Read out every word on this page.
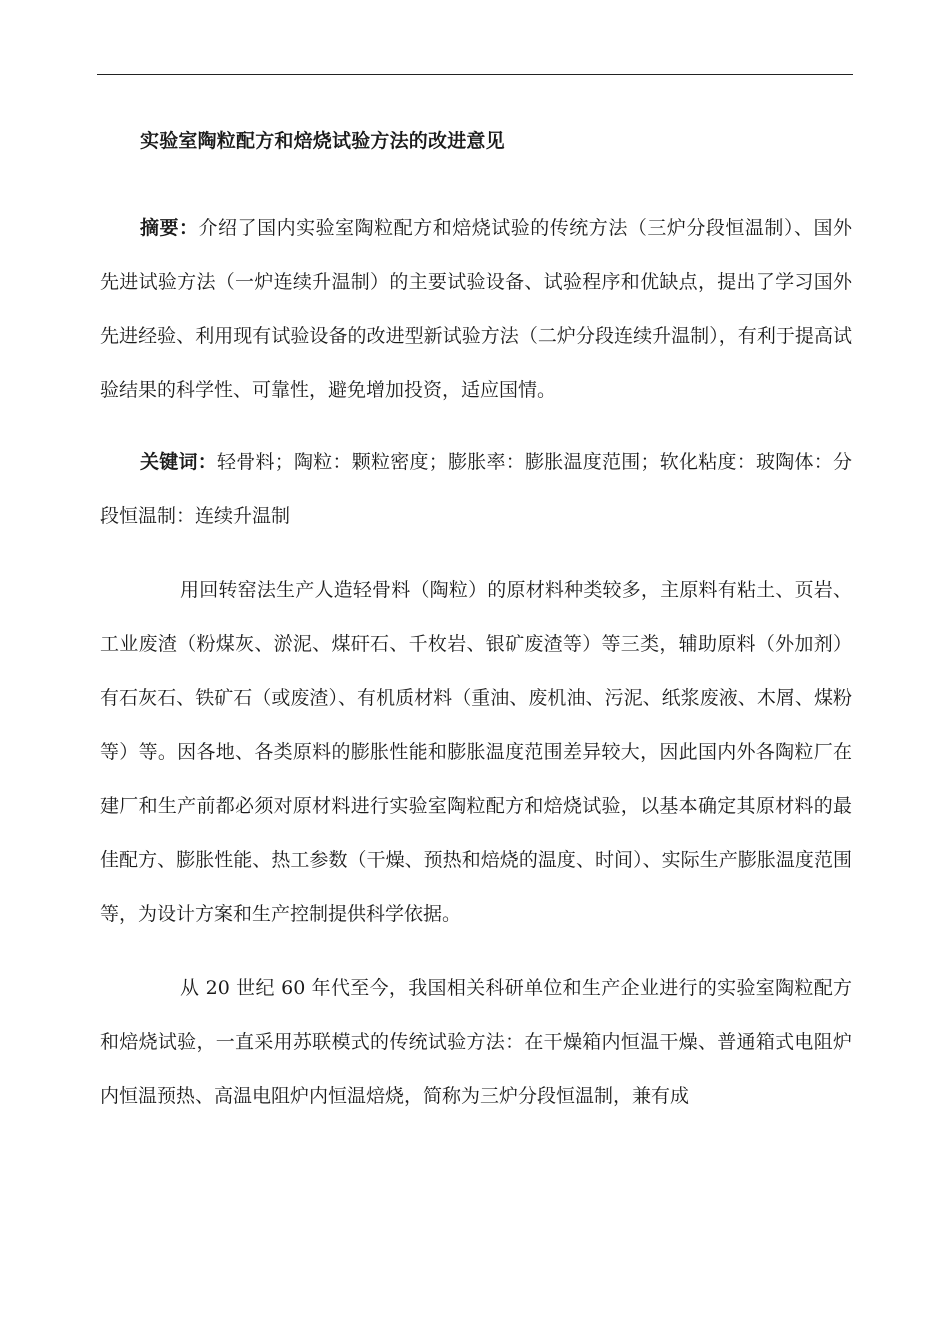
实验室陶粒配方和焙烧试验方法的改进意见

摘要：介绍了国内实验室陶粒配方和焙烧试验的传统方法（三炉分段恒温制）、国外先进试验方法（一炉连续升温制）的主要试验设备、试验程序和优缺点，提出了学习国外先进经验、利用现有试验设备的改进型新试验方法（二炉分段连续升温制），有利于提高试验结果的科学性、可靠性，避免增加投资，适应国情。

关键词：轻骨料；陶粒：颗粒密度；膨胀率：膨胀温度范围；软化粘度：玻陶体：分段恒温制：连续升温制

用回转窑法生产人造轻骨料（陶粒）的原材料种类较多，主原料有粘土、页岩、工业废渣（粉煤灰、淤泥、煤矸石、千枚岩、银矿废渣等）等三类，辅助原料（外加剂）有石灰石、铁矿石（或废渣）、有机质材料（重油、废机油、污泥、纸浆废液、木屑、煤粉等）等。因各地、各类原料的膨胀性能和膨胀温度范围差异较大，因此国内外各陶粒厂在建厂和生产前都必须对原材料进行实验室陶粒配方和焙烧试验，以基本确定其原材料的最佳配方、膨胀性能、热工参数（干燥、预热和焙烧的温度、时间）、实际生产膨胀温度范围等，为设计方案和生产控制提供科学依据。

从 20 世纪 60 年代至今，我国相关科研单位和生产企业进行的实验室陶粒配方和焙烧试验，一直采用苏联模式的传统试验方法：在干燥箱内恒温干燥、普通箱式电阻炉内恒温预热、高温电阻炉内恒温焙烧，简称为三炉分段恒温制，兼有成
